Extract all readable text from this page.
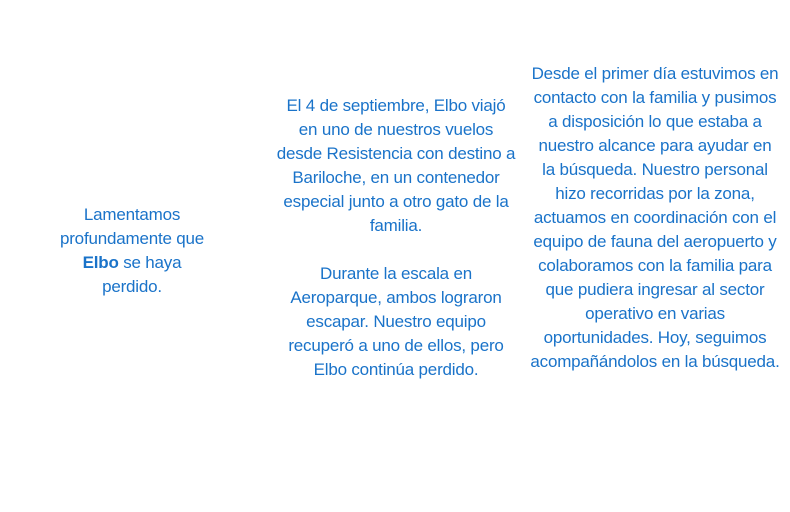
Lamentamos profundamente que Elbo se haya perdido.

El 4 de septiembre, Elbo viajó en uno de nuestros vuelos desde Resistencia con destino a Bariloche, en un contenedor especial junto a otro gato de la familia.

Durante la escala en Aeroparque, ambos lograron escapar. Nuestro equipo recuperó a uno de ellos, pero Elbo continúa perdido.

Desde el primer día estuvimos en contacto con la familia y pusimos a disposición lo que estaba a nuestro alcance para ayudar en la búsqueda. Nuestro personal hizo recorridas por la zona, actuamos en coordinación con el equipo de fauna del aeropuerto y colaboramos con la familia para que pudiera ingresar al sector operativo en varias oportunidades. Hoy, seguimos acompañándolos en la búsqueda.
